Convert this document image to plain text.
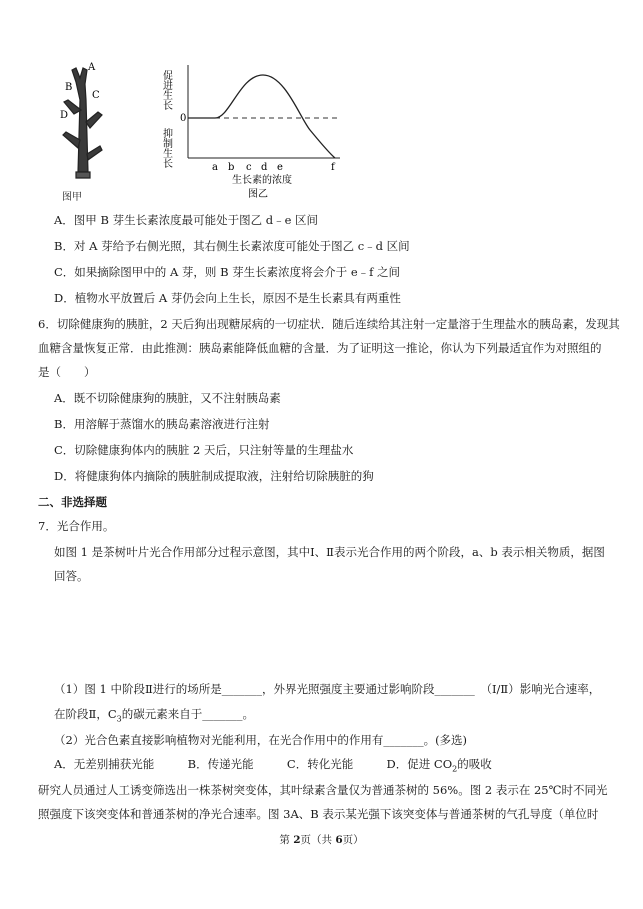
B
C
D
A
图甲
促进生长
抑制生长
0
a b c d e	f
生长素的浓度
图乙
A．图甲 B 芽生长素浓度最可能处于图乙 d﹣e 区间
B．对 A 芽给予右侧光照，其右侧生长素浓度可能处于图乙 c﹣d 区间
C．如果摘除图甲中的 A 芽，则 B 芽生长素浓度将会介于 e﹣f 之间
D．植物水平放置后 A 芽仍会向上生长，原因不是生长素具有两重性
6．切除健康狗的胰脏，2 天后狗出现糖尿病的一切症状．随后连续给其注射一定量溶于生理盐水的胰岛素，发现其
血糖含量恢复正常．由此推测：胰岛素能降低血糖的含量．为了证明这一推论，你认为下列最适宜作为对照组的
是（　　）
A．既不切除健康狗的胰脏，又不注射胰岛素
B．用溶解于蒸馏水的胰岛素溶液进行注射
C．切除健康狗体内的胰脏 2 天后，只注射等量的生理盐水
D．将健康狗体内摘除的胰脏制成提取液，注射给切除胰脏的狗
二、非选择题
7．光合作用。
如图 1 是茶树叶片光合作用部分过程示意图，其中Ⅰ、Ⅱ表示光合作用的两个阶段，a、b 表示相关物质，据图
回答。
（1）图 1 中阶段Ⅱ进行的场所是_______，外界光照强度主要通过影响阶段_______　（Ⅰ/Ⅱ）影响光合速率，
在阶段Ⅱ，$C_3$的碳元素来自于_______。
（2）光合色素直接影响植物对光能利用，在光合作用中的作用有_______。(多选)
A．无差别捕获光能	B．传递光能	C．转化光能	D．促进 $CO_2$的吸收
研究人员通过人工诱变筛选出一株茶树突变体，其叶绿素含量仅为普通茶树的 56%。图 2 表示在 25℃时不同光
照强度下该突变体和普通茶树的净光合速率。图 3A、B 表示某光强下该突变体与普通茶树的气孔导度（单位时
第 2页（共 6页）
